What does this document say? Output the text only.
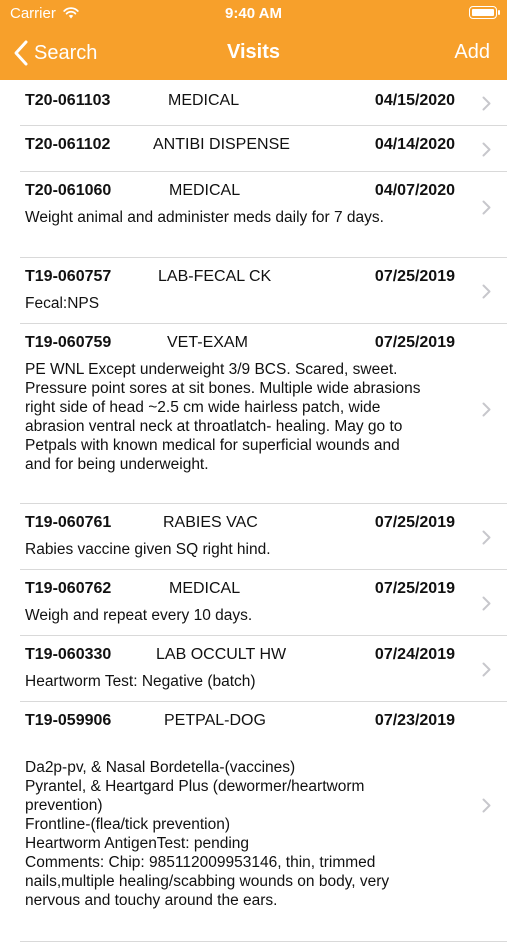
Carrier	9:40 AM
Search	Visits	Add
T20-061103	MEDICAL	04/15/2020
T20-061102	ANTIBI DISPENSE	04/14/2020
T20-061060	MEDICAL	04/07/2020
Weight animal and administer meds daily for 7 days.
T19-060757	LAB-FECAL CK	07/25/2019
Fecal:NPS
T19-060759	VET-EXAM	07/25/2019
PE WNL Except underweight 3/9 BCS. Scared, sweet.
Pressure point sores at sit bones. Multiple wide abrasions
right side of head ~2.5 cm wide hairless patch, wide
abrasion ventral neck at throatlatch- healing. May go to
Petpals with known medical for superficial wounds and
and for being underweight.
T19-060761	RABIES VAC	07/25/2019
Rabies vaccine given SQ right hind.
T19-060762	MEDICAL	07/25/2019
Weigh and repeat every 10 days.
T19-060330	LAB OCCULT HW	07/24/2019
Heartworm Test: Negative (batch)
T19-059906	PETPAL-DOG	07/23/2019
Da2p-pv, & Nasal Bordetella-(vaccines)
Pyrantel, & Heartgard Plus (dewormer/heartworm
prevention)
Frontline-(flea/tick prevention)
Heartworm AntigenTest: pending
Comments: Chip: 985112009953146, thin, trimmed
nails,multiple healing/scabbing wounds on body, very
nervous and touchy around the ears.
